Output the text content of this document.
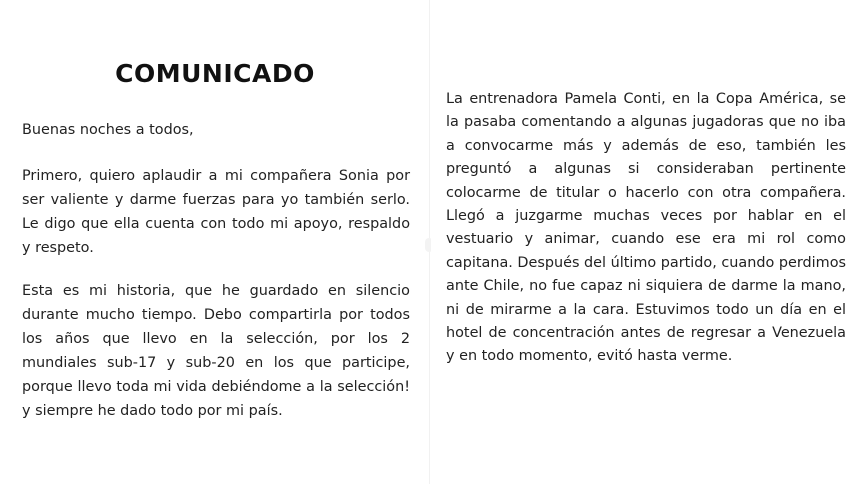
COMUNICADO

Buenas noches a todos,

Primero, quiero aplaudir a mi compañera Sonia por ser valiente y darme fuerzas para yo también serlo. Le digo que ella cuenta con todo mi apoyo, respaldo y respeto.

Esta es mi historia, que he guardado en silencio durante mucho tiempo. Debo compartirla por todos los años que llevo en la selección, por los 2 mundiales sub-17 y sub-20 en los que participe, porque llevo toda mi vida debiéndome a la selección! y siempre he dado todo por mi país.

La entrenadora Pamela Conti, en la Copa América, se la pasaba comentando a algunas jugadoras que no iba a convocarme más y además de eso, también les preguntó a algunas si consideraban pertinente colocarme de titular o hacerlo con otra compañera. Llegó a juzgarme muchas veces por hablar en el vestuario y animar, cuando ese era mi rol como capitana. Después del último partido, cuando perdimos ante Chile, no fue capaz ni siquiera de darme la mano, ni de mirarme a la cara. Estuvimos todo un día en el hotel de concentración antes de regresar a Venezuela y en todo momento, evitó hasta verme.
